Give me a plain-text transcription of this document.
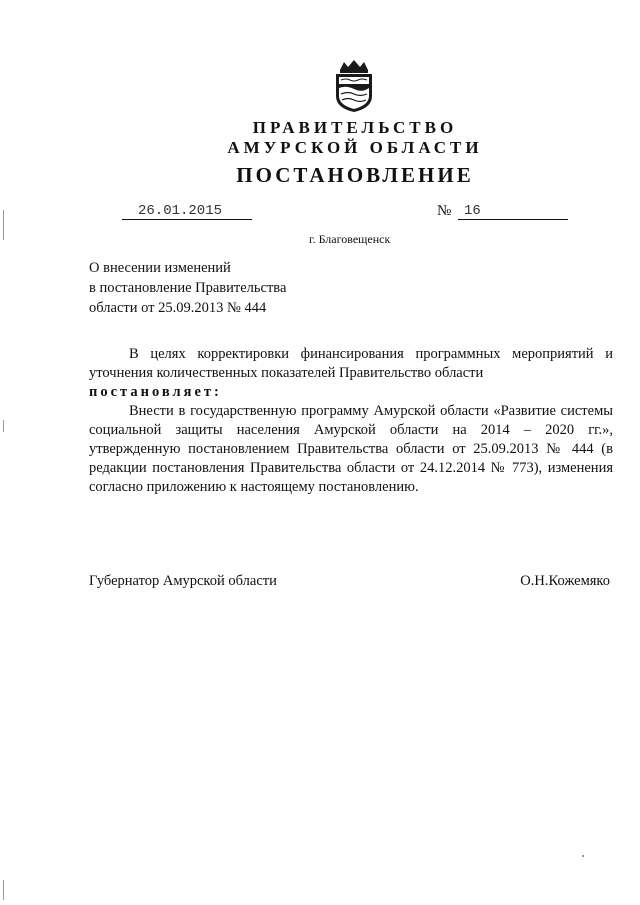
ПРАВИТЕЛЬСТВО
АМУРСКОЙ ОБЛАСТИ
ПОСТАНОВЛЕНИЕ
26.01.2015	№ 16
г. Благовещенск
О внесении изменений
в постановление Правительства
области от 25.09.2013 № 444

В целях корректировки финансирования программных мероприятий и уточнения количественных показателей Правительство области

постановляет:

Внести в государственную программу Амурской области «Развитие системы социальной защиты населения Амурской области на 2014 – 2020 гг.», утвержденную постановлением Правительства области от 25.09.2013 № 444 (в редакции постановления Правительства области от 24.12.2014 № 773), изменения согласно приложению к настоящему постановлению.

Губернатор Амурской области	О.Н.Кожемяко
